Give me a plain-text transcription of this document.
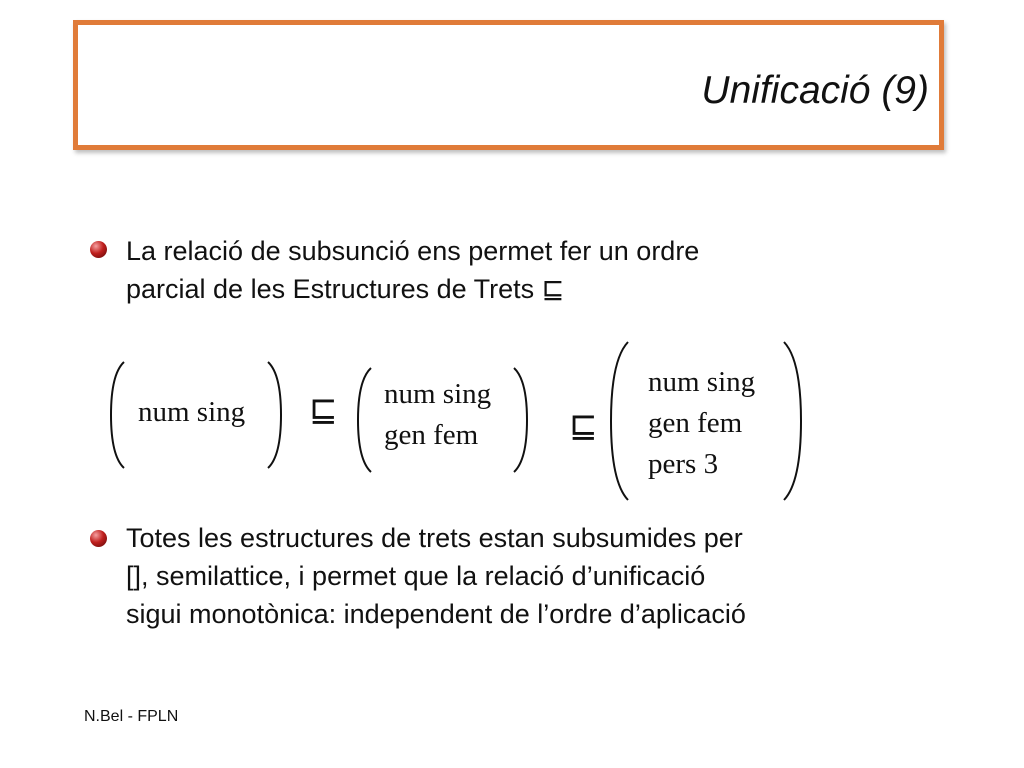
Unificació (9)
La relació de subsunció ens permet fer un ordre
parcial de les Estructures de Trets ⊑
num sing ⊑ num sing
gen fem	⊑
num sing
gen fem
pers 3
Totes les estructures de trets estan subsumides per
[], semilattice, i permet que la relació d’unificació
sigui monotònica: independent de l’ordre d’aplicació
N.Bel - FPLN
